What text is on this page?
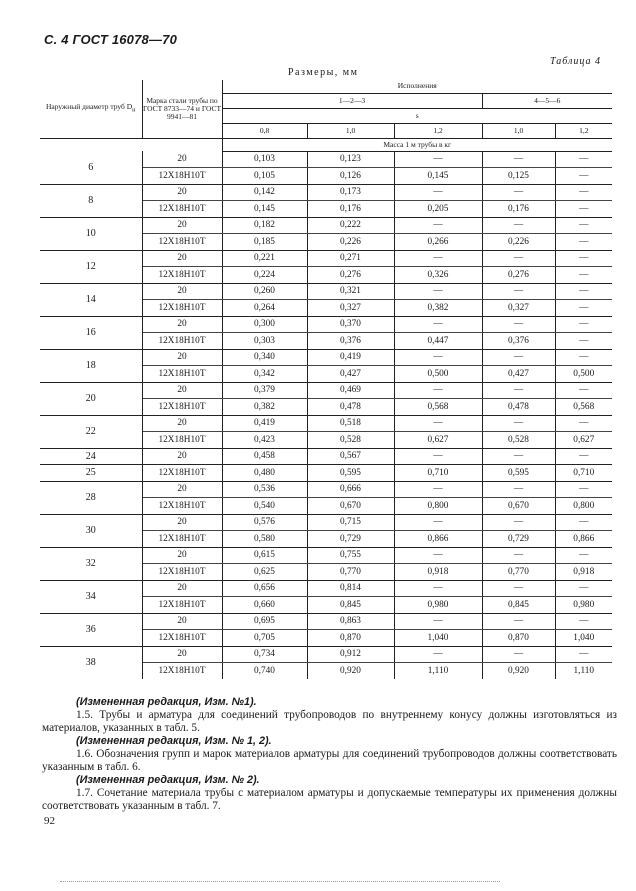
С. 4 ГОСТ 16078—70
Таблица 4
Размеры, мм
Наружный диаметр труб $D_н$	Марка стали трубы по ГОСТ 8733—74 и ГОСТ 9941—81	Исполнения				
		1—2—3			4—5—6	
		s				
		0,8	1,0	1,2	1,0	1,2
		Масса 1 м трубы в кг				
6	20	0,103	0,123	—	—	—
	12Х18Н10Т	0,105	0,126	0,145	0,125	—
8	20	0,142	0,173	—	—	—
	12Х18Н10Т	0,145	0,176	0,205	0,176	—
10	20	0,182	0,222	—	—	—
	12Х18Н10Т	0,185	0,226	0,266	0,226	—
12	20	0,221	0,271	—	—	—
	12Х18Н10Т	0,224	0,276	0,326	0,276	—
14	20	0,260	0,321	—	—	—
	12Х18Н10Т	0,264	0,327	0,382	0,327	—
16	20	0,300	0,370	—	—	—
	12Х18Н10Т	0,303	0,376	0,447	0,376	—
18	20	0,340	0,419	—	—	—
	12Х18Н10Т	0,342	0,427	0,500	0,427	0,500
20	20	0,379	0,469	—	—	—
	12Х18Н10Т	0,382	0,478	0,568	0,478	0,568
22	20	0,419	0,518	—	—	—
	12Х18Н10Т	0,423	0,528	0,627	0,528	0,627
24	20	0,458	0,567	—	—	—
25	12Х18Н10Т	0,480	0,595	0,710	0,595	0,710
28	20	0,536	0,666	—	—	—
	12Х18Н10Т	0,540	0,670	0,800	0,670	0,800
30	20	0,576	0,715	—	—	—
	12Х18Н10Т	0,580	0,729	0,866	0,729	0,866
32	20	0,615	0,755	—	—	—
	12Х18Н10Т	0,625	0,770	0,918	0,770	0,918
34	20	0,656	0,814	—	—	—
	12Х18Н10Т	0,660	0,845	0,980	0,845	0,980
36	20	0,695	0,863	—	—	—
	12Х18Н10Т	0,705	0,870	1,040	0,870	1,040
38	20	0,734	0,912	—	—	—
	12Х18Н10Т	0,740	0,920	1,110	0,920	1,110

(Измененная редакция, Изм. №1).

1.5. Трубы и арматура для соединений трубопроводов по внутреннему конусу должны изготовляться из материалов, указанных в табл. 5.

(Измененная редакция, Изм. № 1, 2).

1.6. Обозначения групп и марок материалов арматуры для соединений трубопроводов должны соответствовать указанным в табл. 6.

(Измененная редакция, Изм. № 2).

1.7. Сочетание материала трубы с материалом арматуры и допускаемые температуры их применения должны соответствовать указанным в табл. 7.

92
